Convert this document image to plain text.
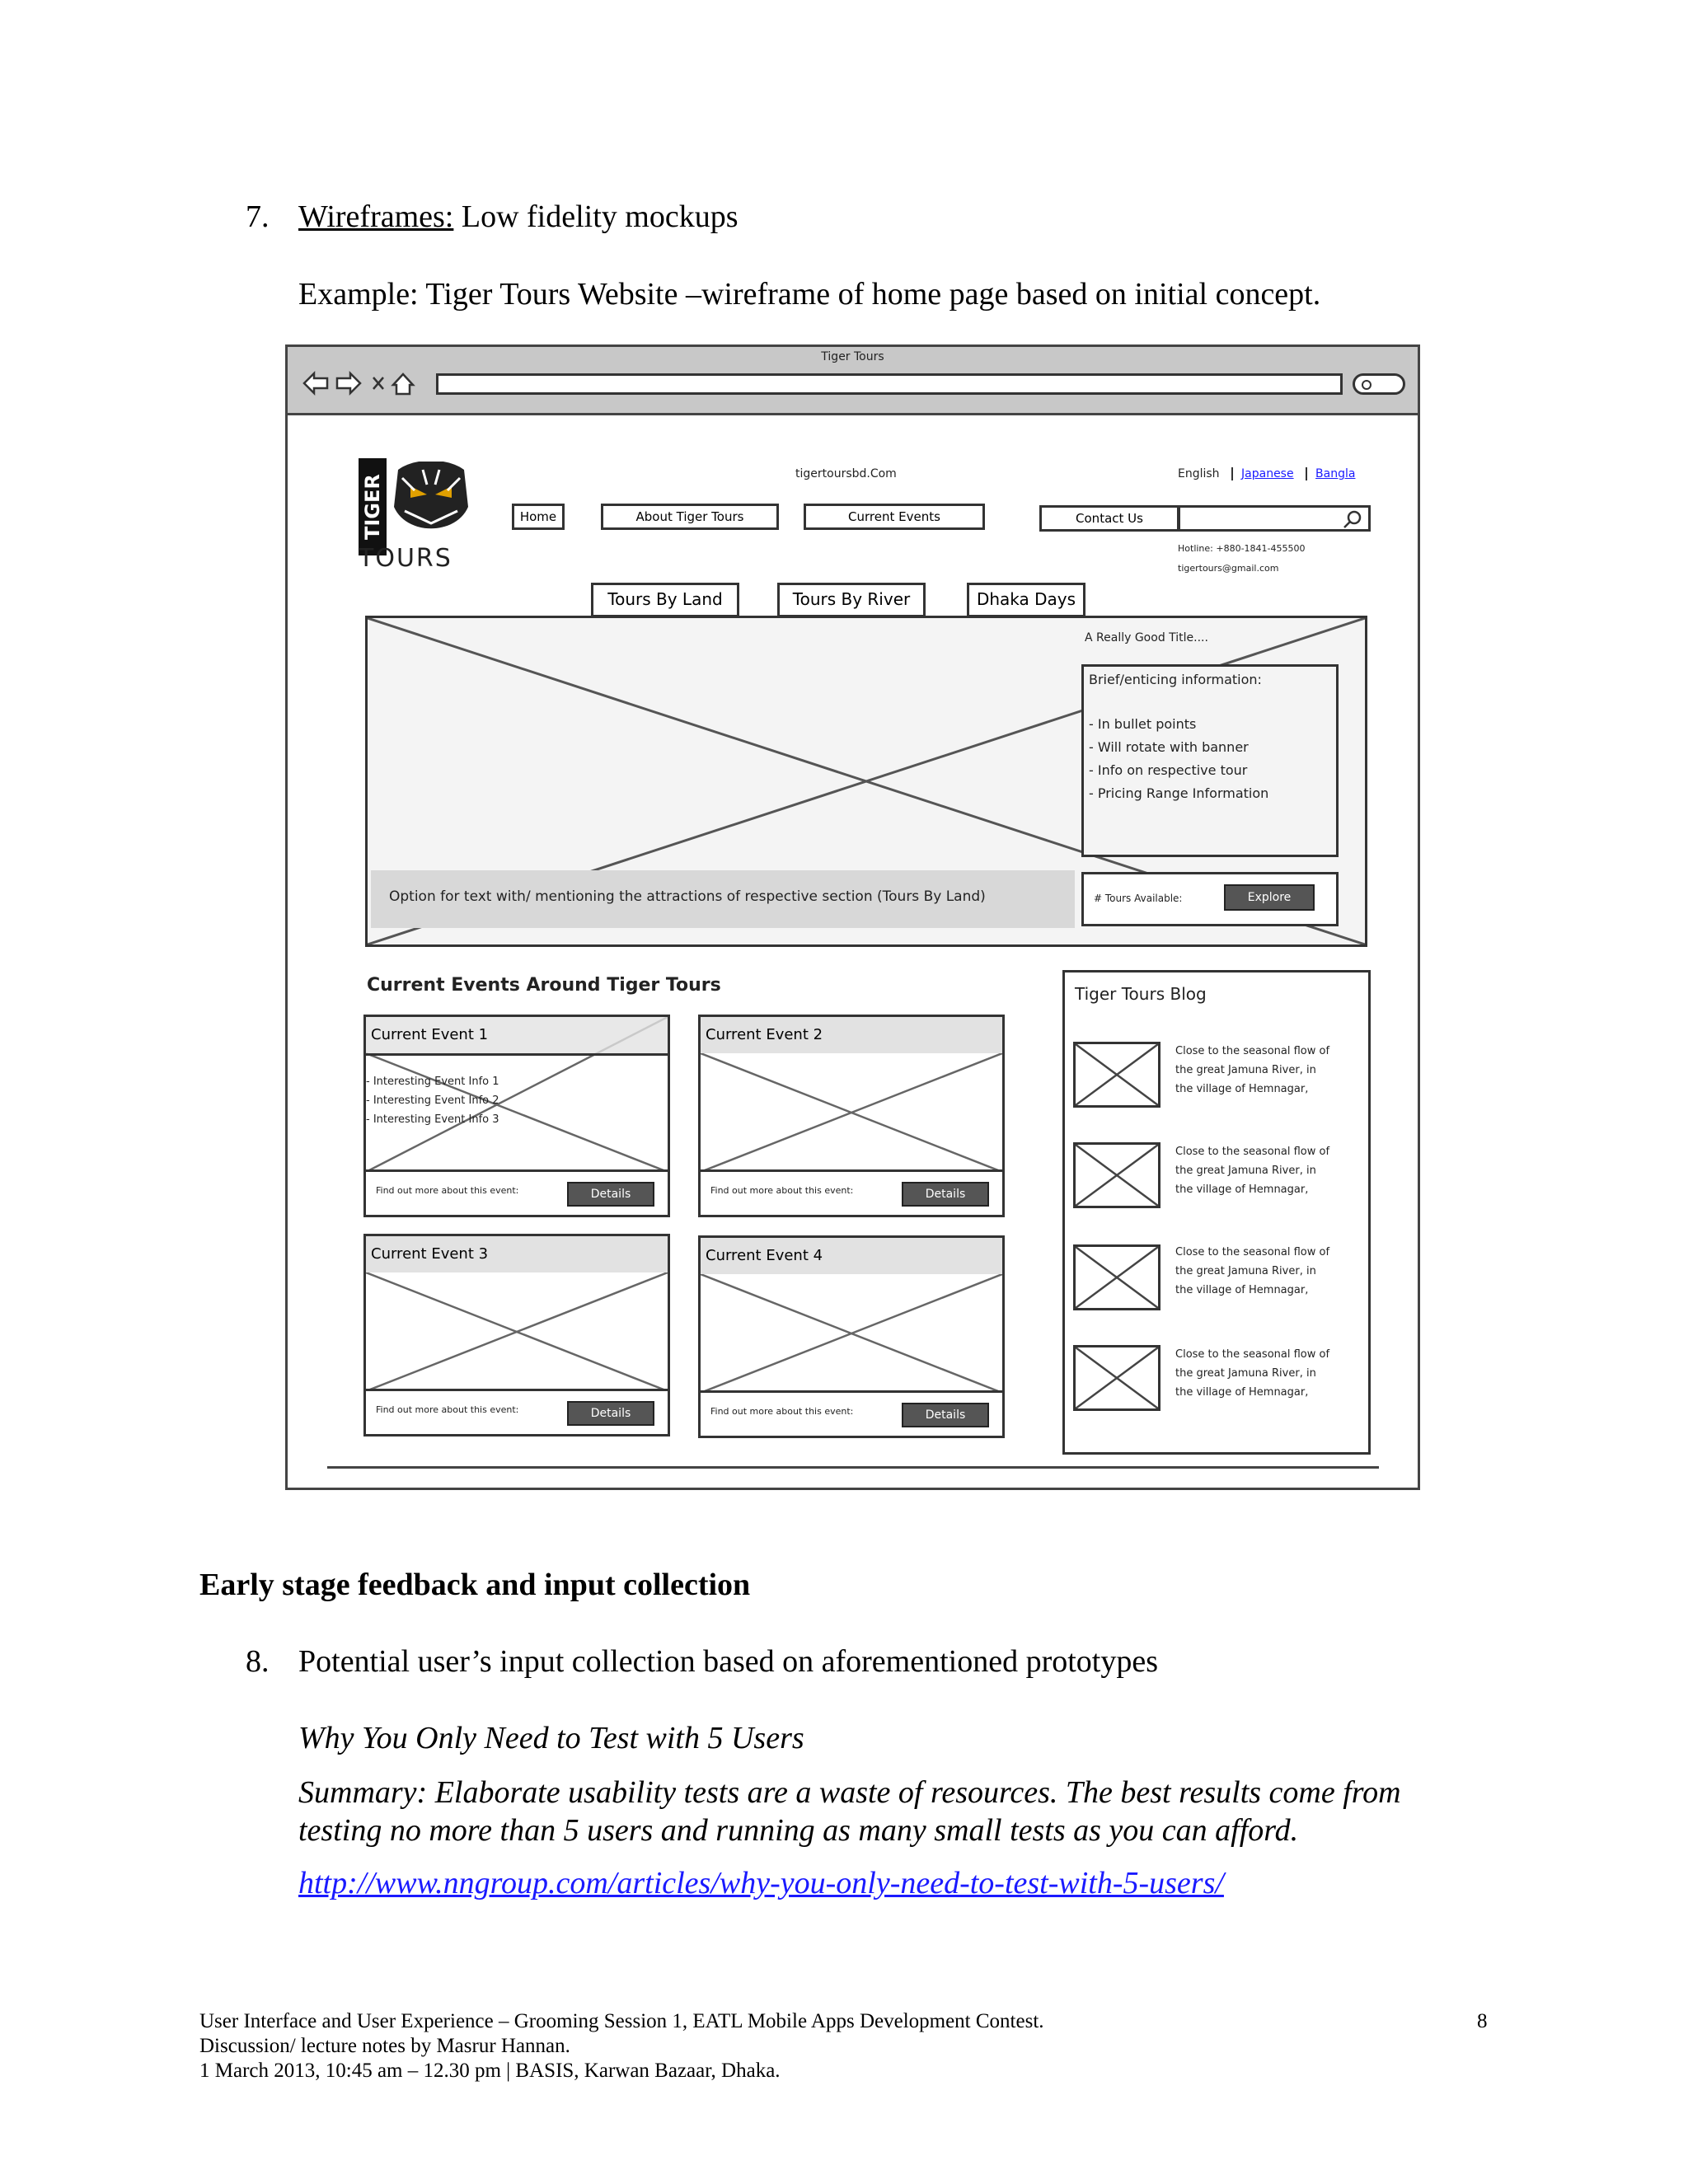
7. Wireframes: Low fidelity mockups
Example: Tiger Tours Website –wireframe of home page based on initial concept.
Tiger Tours
TIGER
TOURS
tigertoursbd.Com	English Japanese Bangla
Home	About Tiger Tours	Current Events	Contact Us
Hotline: +880-1841-455500
tigertours@gmail.com
Tours By Land	Tours By River	Dhaka Days
A Really Good Title....
Brief/enticing information:
- In bullet points
- Will rotate with banner
- Info on respective tour
- Pricing Range Information
Option for text with/ mentioning the attractions of respective section (Tours By Land)	# Tours Available:	Explore
Current Events Around Tiger Tours
Current Event 1
- Interesting Event Info 1
- Interesting Event Info 2
- Interesting Event Info 3
Find out more about this event:	Details
Current Event 2
Find out more about this event:	Details
Current Event 3
Find out more about this event:	Details
Current Event 4
Find out more about this event:	Details
Tiger Tours Blog
Close to the seasonal flow of
the great Jamuna River, in
the village of Hemnagar,
Close to the seasonal flow of
the great Jamuna River, in
the village of Hemnagar,
Close to the seasonal flow of
the great Jamuna River, in
the village of Hemnagar,
Close to the seasonal flow of
the great Jamuna River, in
the village of Hemnagar,
Early stage feedback and input collection
8. Potential user’s input collection based on aforementioned prototypes
Why You Only Need to Test with 5 Users
Summary: Elaborate usability tests are a waste of resources. The best results come from
testing no more than 5 users and running as many small tests as you can afford.
http://www.nngroup.com/articles/why-you-only-need-to-test-with-5-users/
User Interface and User Experience – Grooming Session 1, EATL Mobile Apps Development Contest.
Discussion/ lecture notes by Masrur Hannan.
1 March 2013, 10:45 am – 12.30 pm | BASIS, Karwan Bazaar, Dhaka.
8
